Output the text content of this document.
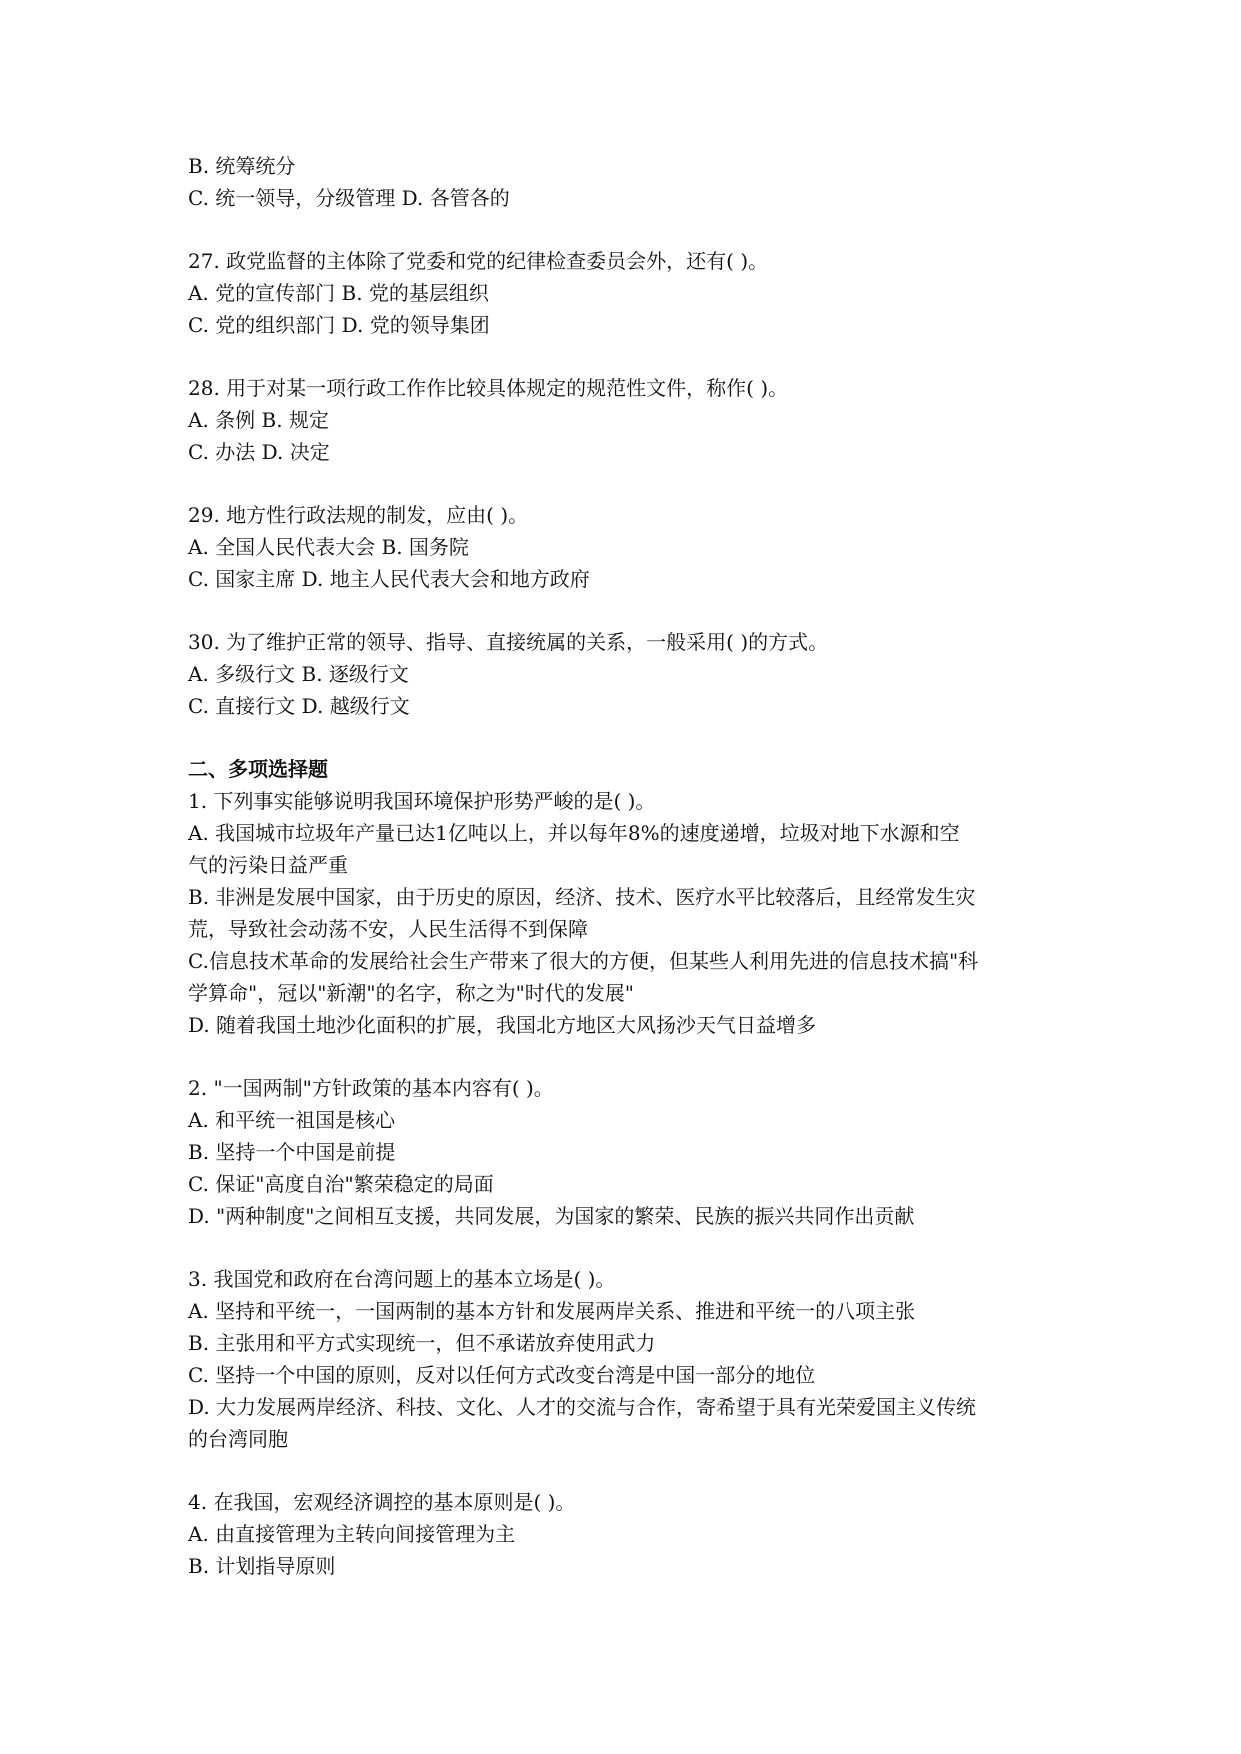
B. 统筹统分
C. 统一领导，分级管理 D. 各管各的
27. 政党监督的主体除了党委和党的纪律检查委员会外，还有( )。
A. 党的宣传部门 B. 党的基层组织
C. 党的组织部门 D. 党的领导集团
28. 用于对某一项行政工作作比较具体规定的规范性文件，称作( )。
A. 条例 B. 规定
C. 办法 D. 决定
29. 地方性行政法规的制发，应由( )。
A. 全国人民代表大会 B. 国务院
C. 国家主席 D. 地主人民代表大会和地方政府
30. 为了维护正常的领导、指导、直接统属的关系，一般采用( )的方式。
A. 多级行文 B. 逐级行文
C. 直接行文 D. 越级行文
二、多项选择题
1. 下列事实能够说明我国环境保护形势严峻的是( )。
A. 我国城市垃圾年产量已达1亿吨以上，并以每年8%的速度递增，垃圾对地下水源和空
气的污染日益严重
B. 非洲是发展中国家，由于历史的原因，经济、技术、医疗水平比较落后，且经常发生灾
荒，导致社会动荡不安，人民生活得不到保障
C.信息技术革命的发展给社会生产带来了很大的方便，但某些人利用先进的信息技术搞"科
学算命"，冠以"新潮"的名字，称之为"时代的发展"
D. 随着我国土地沙化面积的扩展，我国北方地区大风扬沙天气日益增多
2. "一国两制"方针政策的基本内容有( )。
A. 和平统一祖国是核心
B. 坚持一个中国是前提
C. 保证"高度自治"繁荣稳定的局面
D. "两种制度"之间相互支援，共同发展，为国家的繁荣、民族的振兴共同作出贡献
3. 我国党和政府在台湾问题上的基本立场是( )。
A. 坚持和平统一，一国两制的基本方针和发展两岸关系、推进和平统一的八项主张
B. 主张用和平方式实现统一，但不承诺放弃使用武力
C. 坚持一个中国的原则，反对以任何方式改变台湾是中国一部分的地位
D. 大力发展两岸经济、科技、文化、人才的交流与合作，寄希望于具有光荣爱国主义传统
的台湾同胞
4. 在我国，宏观经济调控的基本原则是( )。
A. 由直接管理为主转向间接管理为主
B. 计划指导原则
